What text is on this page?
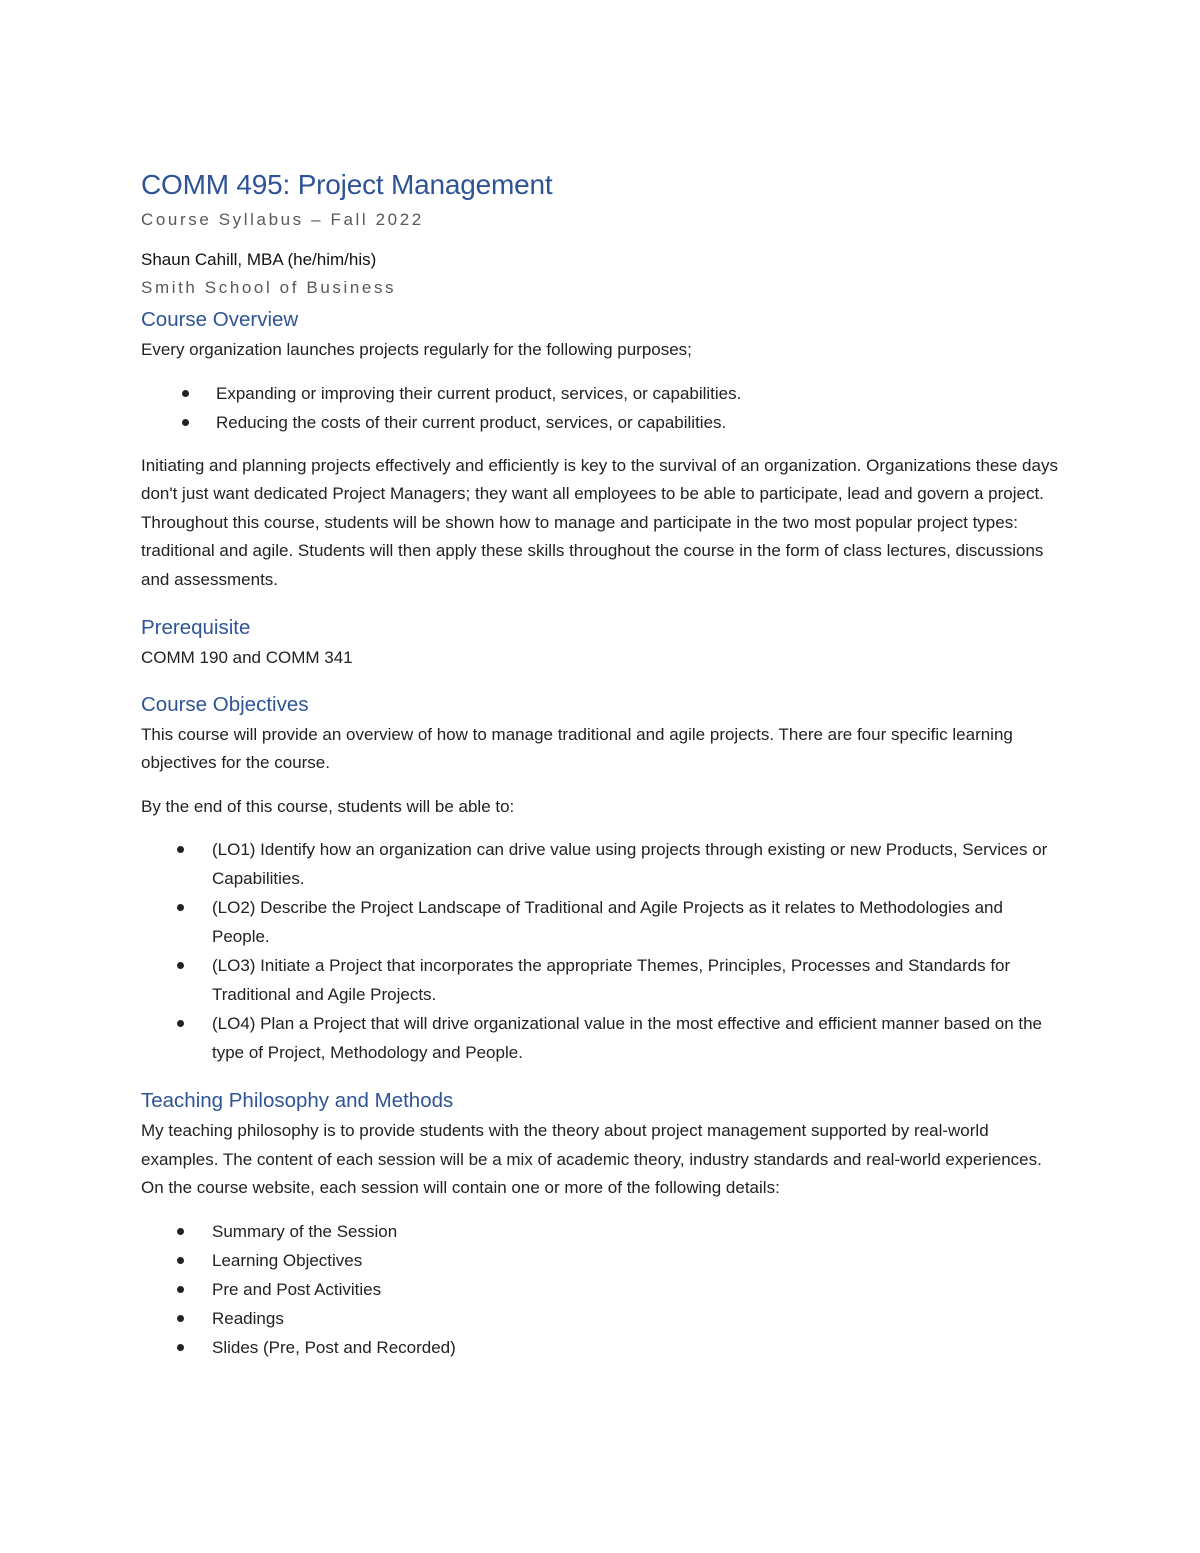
COMM 495: Project Management
Course Syllabus – Fall 2022
Shaun Cahill, MBA (he/him/his)
Smith School of Business
Course Overview

Every organization launches projects regularly for the following purposes;

Expanding or improving their current product, services, or capabilities.
Reducing the costs of their current product, services, or capabilities.

Initiating and planning projects effectively and efficiently is key to the survival of an organization. Organizations these days don't just want dedicated Project Managers; they want all employees to be able to participate, lead and govern a project. Throughout this course, students will be shown how to manage and participate in the two most popular project types: traditional and agile. Students will then apply these skills throughout the course in the form of class lectures, discussions and assessments.

Prerequisite

COMM 190 and COMM 341

Course Objectives

This course will provide an overview of how to manage traditional and agile projects. There are four specific learning objectives for the course.

By the end of this course, students will be able to:

(LO1) Identify how an organization can drive value using projects through existing or new Products, Services or Capabilities.
(LO2) Describe the Project Landscape of Traditional and Agile Projects as it relates to Methodologies and People.
(LO3) Initiate a Project that incorporates the appropriate Themes, Principles, Processes and Standards for Traditional and Agile Projects.
(LO4) Plan a Project that will drive organizational value in the most effective and efficient manner based on the type of Project, Methodology and People.
Teaching Philosophy and Methods

My teaching philosophy is to provide students with the theory about project management supported by real-world examples. The content of each session will be a mix of academic theory, industry standards and real-world experiences. On the course website, each session will contain one or more of the following details:

Summary of the Session
Learning Objectives
Pre and Post Activities
Readings
Slides (Pre, Post and Recorded)
